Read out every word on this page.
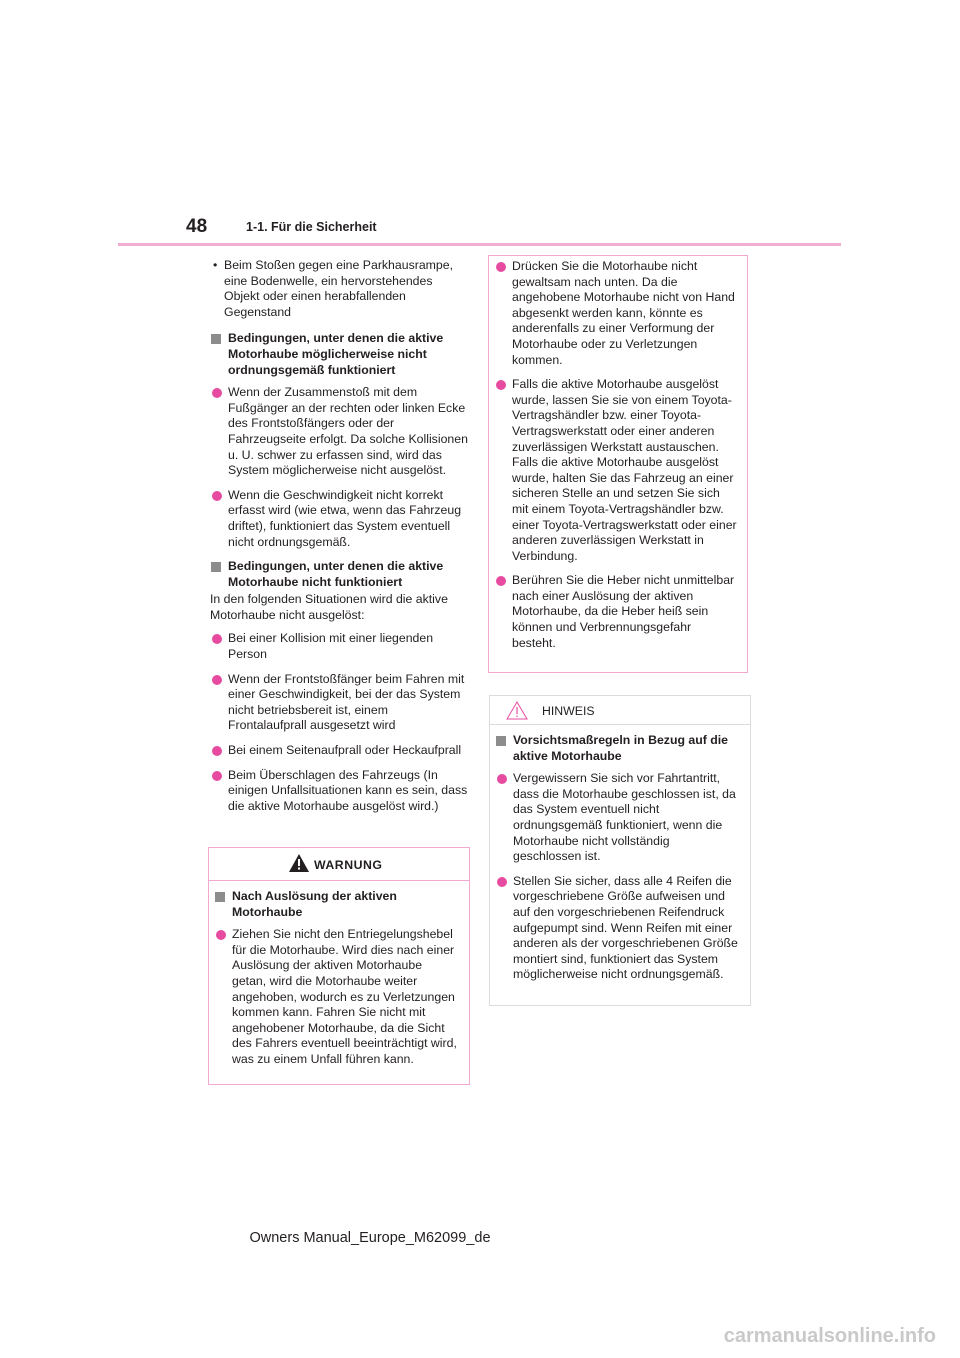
48	1-1. Für die Sicherheit
• Beim Stoßen gegen eine Parkhausrampe, eine Bodenwelle, ein hervorstehendes Objekt oder einen herabfallenden Gegenstand
Bedingungen, unter denen die aktive Motorhaube möglicherweise nicht ordnungsgemäß funktioniert
Wenn der Zusammenstoß mit dem Fußgänger an der rechten oder linken Ecke des Frontstoßfängers oder der Fahrzeugseite erfolgt. Da solche Kollisionen u. U. schwer zu erfassen sind, wird das System möglicherweise nicht ausgelöst.
Wenn die Geschwindigkeit nicht korrekt erfasst wird (wie etwa, wenn das Fahrzeug driftet), funktioniert das System eventuell nicht ordnungsgemäß.
Bedingungen, unter denen die aktive Motorhaube nicht funktioniert
In den folgenden Situationen wird die aktive Motorhaube nicht ausgelöst:
Bei einer Kollision mit einer liegenden Person
Wenn der Frontstoßfänger beim Fahren mit einer Geschwindigkeit, bei der das System nicht betriebsbereit ist, einem Frontalaufprall ausgesetzt wird
Bei einem Seitenaufprall oder Heckaufprall
Beim Überschlagen des Fahrzeugs (In einigen Unfallsituationen kann es sein, dass die aktive Motorhaube ausgelöst wird.)
WARNUNG
Nach Auslösung der aktiven Motorhaube
Ziehen Sie nicht den Entriegelungshebel für die Motorhaube. Wird dies nach einer Auslösung der aktiven Motorhaube getan, wird die Motorhaube weiter angehoben, wodurch es zu Verletzungen kommen kann. Fahren Sie nicht mit angehobener Motorhaube, da die Sicht des Fahrers eventuell beeinträchtigt wird, was zu einem Unfall führen kann.
Drücken Sie die Motorhaube nicht gewaltsam nach unten. Da die angehobene Motorhaube nicht von Hand abgesenkt werden kann, könnte es anderenfalls zu einer Verformung der Motorhaube oder zu Verletzungen kommen.
Falls die aktive Motorhaube ausgelöst wurde, lassen Sie sie von einem Toyota-Vertragshändler bzw. einer Toyota-Vertragswerkstatt oder einer anderen zuverlässigen Werkstatt austauschen. Falls die aktive Motorhaube ausgelöst wurde, halten Sie das Fahrzeug an einer sicheren Stelle an und setzen Sie sich mit einem Toyota-Vertragshändler bzw. einer Toyota-Vertragswerkstatt oder einer anderen zuverlässigen Werkstatt in Verbindung.
Berühren Sie die Heber nicht unmittelbar nach einer Auslösung der aktiven Motorhaube, da die Heber heiß sein können und Verbrennungsgefahr besteht.
HINWEIS
Vorsichtsmaßregeln in Bezug auf die aktive Motorhaube
Vergewissern Sie sich vor Fahrtantritt, dass die Motorhaube geschlossen ist, da das System eventuell nicht ordnungsgemäß funktioniert, wenn die Motorhaube nicht vollständig geschlossen ist.
Stellen Sie sicher, dass alle 4 Reifen die vorgeschriebene Größe aufweisen und auf den vorgeschriebenen Reifendruck aufgepumpt sind. Wenn Reifen mit einer anderen als der vorgeschriebenen Größe montiert sind, funktioniert das System möglicherweise nicht ordnungsgemäß.
Owners Manual_Europe_M62099_de
carmanualsonline.info
